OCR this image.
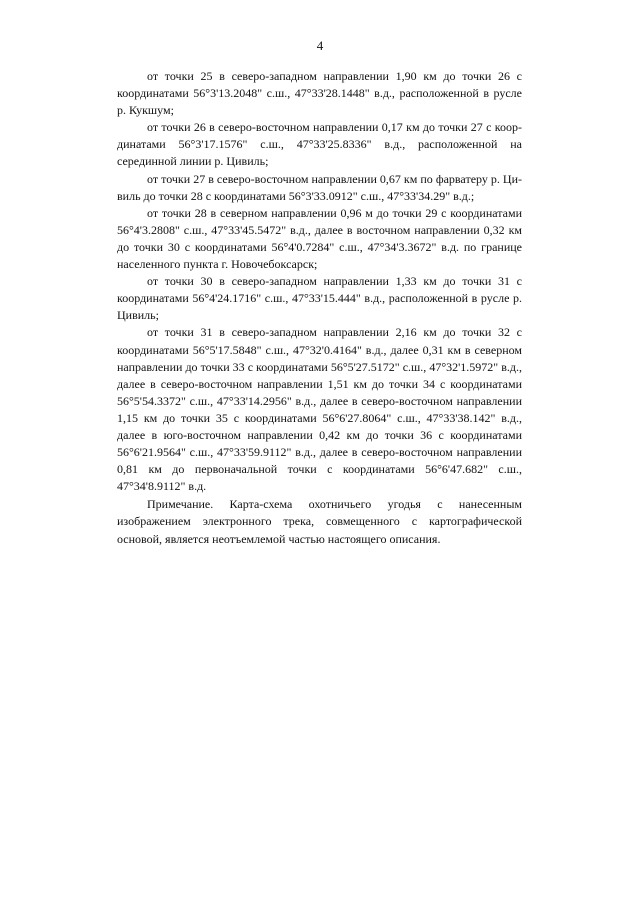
4

от точки 25 в северо-западном направлении 1,90 км до точки 26 с координатами 56°3'13.2048" с.ш., 47°33'28.1448" в.д., расположенной в русле р. Кукшум;

от точки 26 в северо-восточном направлении 0,17 км до точки 27 с координатами 56°3'17.1576" с.ш., 47°33'25.8336" в.д., расположенной на серединной линии р. Цивиль;

от точки 27 в северо-восточном направлении 0,67 км по фарватеру р. Цивиль до точки 28 с координатами 56°3'33.0912" с.ш., 47°33'34.29" в.д.;

от точки 28 в северном направлении 0,96 м до точки 29 с координатами 56°4'3.2808" с.ш., 47°33'45.5472" в.д., далее в восточном направлении 0,32 км до точки 30 с координатами 56°4'0.7284" с.ш., 47°34'3.3672" в.д. по границе населенного пункта г. Новочебоксарск;

от точки 30 в северо-западном направлении 1,33 км до точки 31 с координатами 56°4'24.1716" с.ш., 47°33'15.444" в.д., расположенной в русле р. Цивиль;

от точки 31 в северо-западном направлении 2,16 км до точки 32 с координатами 56°5'17.5848" с.ш., 47°32'0.4164" в.д., далее 0,31 км в северном направлении до точки 33 с координатами 56°5'27.5172" с.ш., 47°32'1.5972" в.д., далее в северо-восточном направлении 1,51 км до точки 34 с координатами 56°5'54.3372" с.ш., 47°33'14.2956" в.д., далее в северо-восточном направлении 1,15 км до точки 35 с координатами 56°6'27.8064" с.ш., 47°33'38.142" в.д., далее в юго-восточном направлении 0,42 км до точки 36 с координатами 56°6'21.9564" с.ш., 47°33'59.9112" в.д., далее в северо-восточном направлении 0,81 км до первоначальной точки с координатами 56°6'47.682" с.ш., 47°34'8.9112" в.д.

Примечание. Карта-схема охотничьего угодья с нанесенным изображением электронного трека, совмещенного с картографической основой, является неотъемлемой частью настоящего описания.
